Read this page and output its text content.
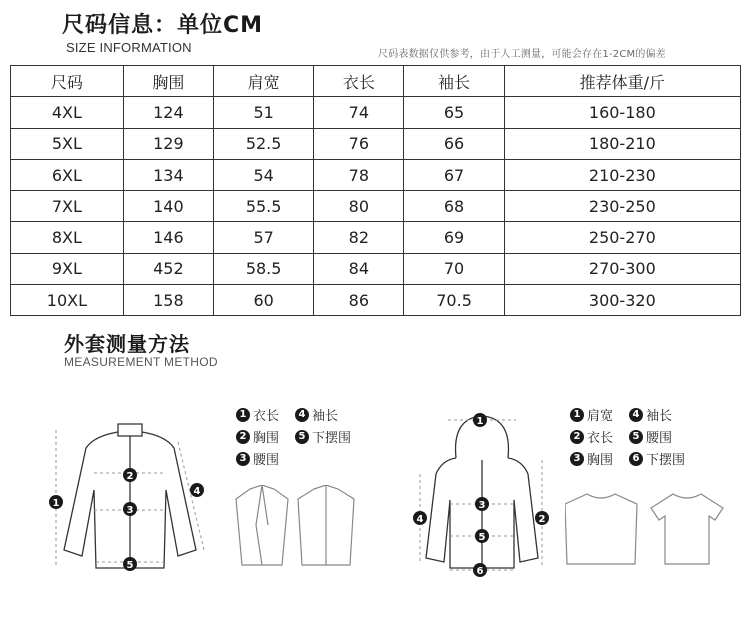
尺码信息：单位CM
SIZE INFORMATION	尺码表数据仅供参考，由于人工测量，可能会存在1-2CM的偏差
尺码	胸围	肩宽	衣长	袖长	推荐体重/斤
4XL	124	51	74	65	160-180
5XL	129	52.5	76	66	180-210
6XL	134	54	78	67	210-230
7XL	140	55.5	80	68	230-250
8XL	146	57	82	69	250-270
9XL	452	58.5	84	70	270-300
10XL	158	60	86	70.5	300-320
外套测量方法
MEASUREMENT METHOD
1 衣长	4 袖长
2 胸围	5 下摆围
3 腰围
1 肩宽	4 袖长
2 衣长	5 腰围
3 胸围	6 下摆围
1
2
3
4
5
1
2
3
4
5
6
